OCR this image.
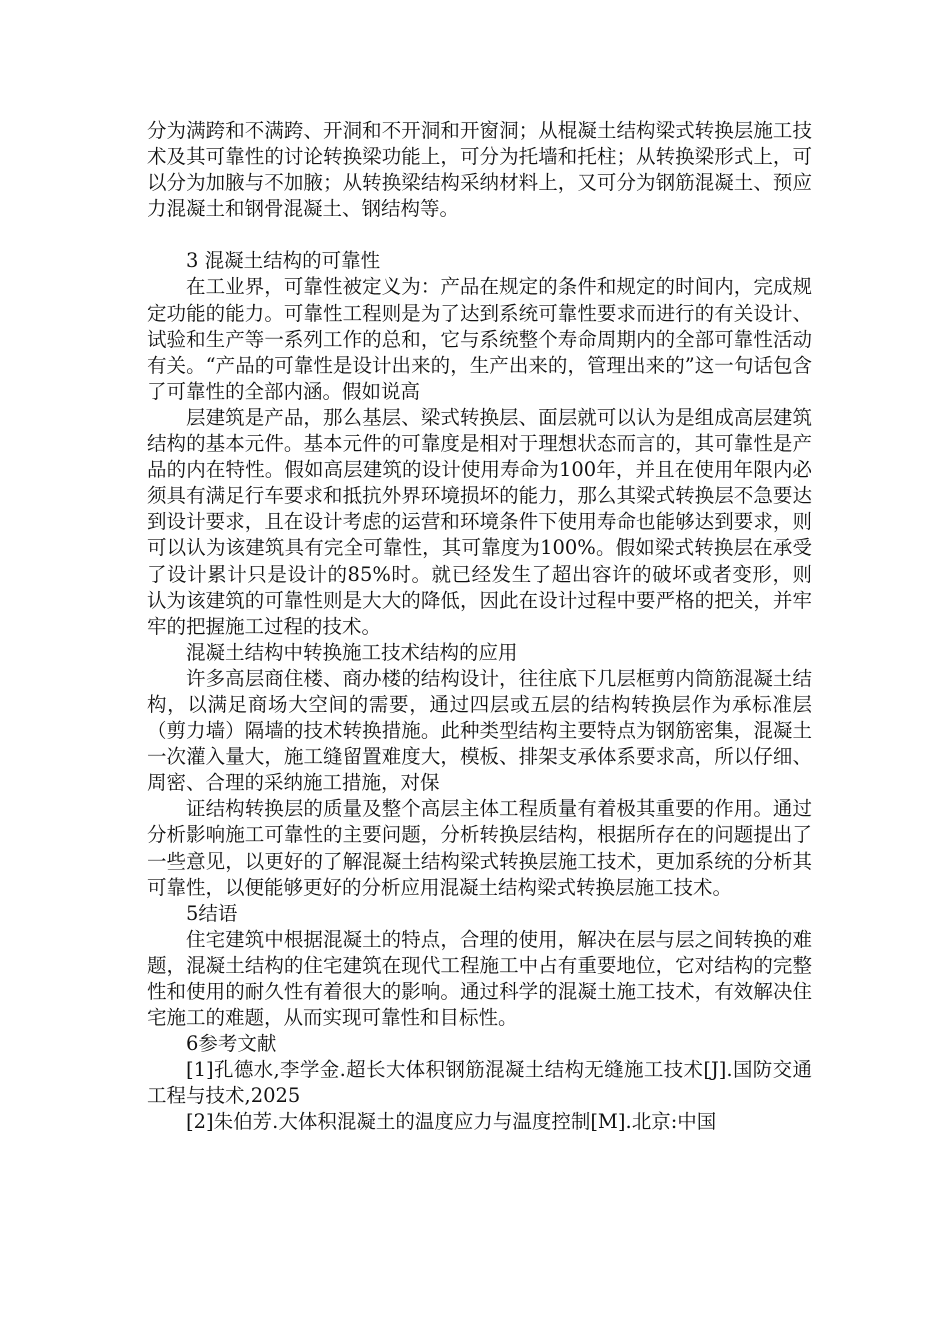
分为满跨和不满跨、开洞和不开洞和开窗洞；从棍凝土结构梁式转换层施工技术及其可靠性的讨论转换梁功能上，可分为托墙和托柱；从转换梁形式上，可以分为加腋与不加腋；从转换梁结构采纳材料上，又可分为钢筋混凝土、预应力混凝土和钢骨混凝土、钢结构等。

3 混凝土结构的可靠性

在工业界，可靠性被定义为：产品在规定的条件和规定的时间内，完成规定功能的能力。可靠性工程则是为了达到系统可靠性要求而进行的有关设计、试验和生产等一系列工作的总和，它与系统整个寿命周期内的全部可靠性活动有关。“产品的可靠性是设计出来的，生产出来的，管理出来的”这一句话包含了可靠性的全部内涵。假如说高

层建筑是产品，那么基层、梁式转换层、面层就可以认为是组成高层建筑结构的基本元件。基本元件的可靠度是相对于理想状态而言的，其可靠性是产品的内在特性。假如高层建筑的设计使用寿命为100年，并且在使用年限内必须具有满足行车要求和抵抗外界环境损坏的能力，那么其梁式转换层不急要达到设计要求，且在设计考虑的运营和环境条件下使用寿命也能够达到要求，则可以认为该建筑具有完全可靠性，其可靠度为100%。假如梁式转换层在承受了设计累计只是设计的85%时。就已经发生了超出容许的破坏或者变形，则认为该建筑的可靠性则是大大的降低，因此在设计过程中要严格的把关，并牢牢的把握施工过程的技术。

混凝土结构中转换施工技术结构的应用

许多高层商住楼、商办楼的结构设计，往往底下几层框剪内筒筋混凝土结构，以满足商场大空间的需要，通过四层或五层的结构转换层作为承标准层（剪力墙）隔墙的技术转换措施。此种类型结构主要特点为钢筋密集，混凝土一次灌入量大，施工缝留置难度大，模板、排架支承体系要求高，所以仔细、周密、合理的采纳施工措施，对保

证结构转换层的质量及整个高层主体工程质量有着极其重要的作用。通过分析影响施工可靠性的主要问题，分析转换层结构，根据所存在的问题提出了一些意见，以更好的了解混凝土结构梁式转换层施工技术，更加系统的分析其可靠性，以便能够更好的分析应用混凝土结构梁式转换层施工技术。

5结语

住宅建筑中根据混凝土的特点，合理的使用，解决在层与层之间转换的难题，混凝土结构的住宅建筑在现代工程施工中占有重要地位，它对结构的完整性和使用的耐久性有着很大的影响。通过科学的混凝土施工技术，有效解决住宅施工的难题，从而实现可靠性和目标性。

6参考文献

[1]孔德水,李学金.超长大体积钢筋混凝土结构无缝施工技术[J].国防交通工程与技术,2025

[2]朱伯芳.大体积混凝土的温度应力与温度控制[M].北京:中国
